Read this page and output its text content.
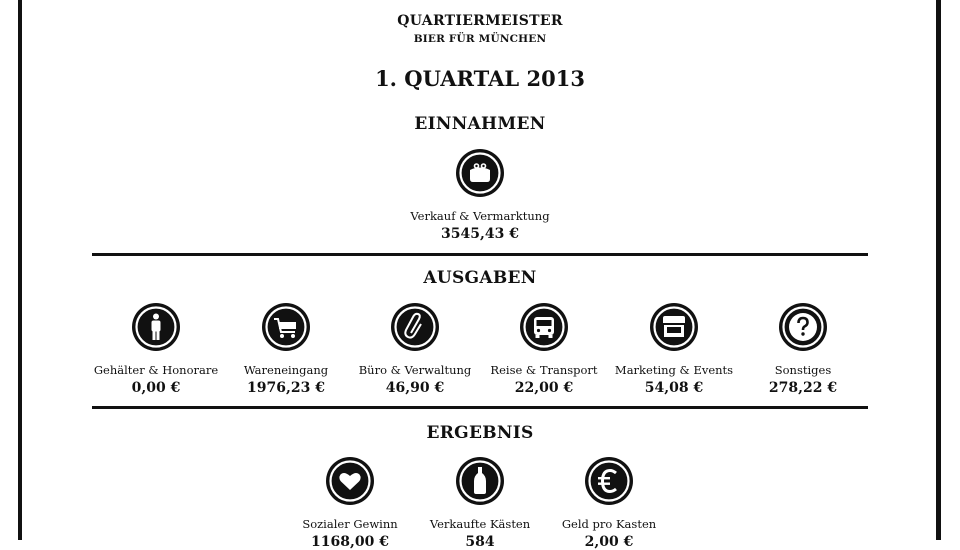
QUARTIERMEISTER
BIER FÜR MÜNCHEN
1. QUARTAL 2013
EINNAHMEN
Verkauf & Vermarktung
3545,43 €
AUSGABEN
Gehälter & Honorare
0,00 €
Wareneingang
1976,23 €
Büro & Verwaltung
46,90 €
Reise & Transport
22,00 €
Marketing & Events
54,08 €
Sonstiges
278,22 €
ERGEBNIS
Sozialer Gewinn
1168,00 €
Verkaufte Kästen
584
Geld pro Kasten
2,00 €
